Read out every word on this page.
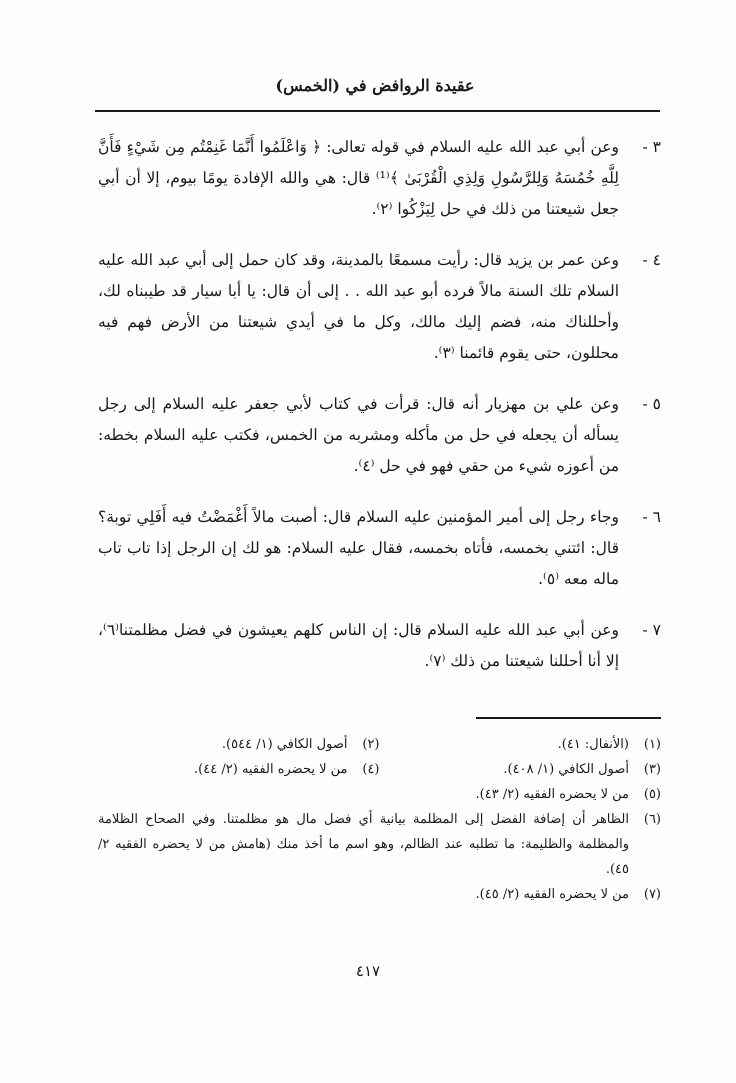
عقيدة الروافض في (الخمس)
٣ -

وعن أبي عبد الله عليه السلام في قوله تعالى: ﴿ وَاعْلَمُوا أَنَّمَا غَنِمْتُم مِن شَيْءٍ فَأَنَّ لِلَّهِ خُمُسَهُ وَلِلرَّسُولِ وَلِذِي الْقُرْبَىٰ ﴾⁽¹⁾ قال: هي والله الإفادة يومًا بيوم، إلا أن أبي جعل شيعتنا من ذلك في حل لِيَزْكُوا ⁽٢⁾.

٤ -

وعن عمر بن يزيد قال: رأيت مسمعًا بالمدينة، وقد كان حمل إلى أبي عبد الله عليه السلام تلك السنة مالاً فرده أبو عبد الله . . إلى أن قال: يا أبا سيار قد طيبناه لك، وأحللناك منه، فضم إليك مالك، وكل ما في أيدي شيعتنا من الأرض فهم فيه محللون، حتى يقوم قائمنا ⁽٣⁾.

٥ -

وعن علي بن مهزيار أنه قال: قرأت في كتاب لأبي جعفر عليه السلام إلى رجل يسأله أن يجعله في حل من مأكله ومشربه من الخمس، فكتب عليه السلام بخطه: من أعوزه شيء من حقي فهو في حل ⁽٤⁾.

٦ -

وجاء رجل إلى أمير المؤمنين عليه السلام قال: أصبت مالاً أَغْمَضْتُ فيه أَفَلِي توبة؟ قال: ائتني بخمسه، فأتاه بخمسه، فقال عليه السلام: هو لك إن الرجل إذا تاب تاب ماله معه ⁽٥⁾.

٧ -

وعن أبي عبد الله عليه السلام قال: إن الناس كلهم يعيشون في فضل مظلمتنا⁽٦⁾، إلا أنا أحللنا شيعتنا من ذلك ⁽٧⁾.

(١)
(الأنفال: ٤١).
(٢)
أصول الكافي (١/ ٥٤٤).
(٣)
أصول الكافي (١/ ٤٠٨).
(٤)
من لا يحضره الفقيه (٢/ ٤٤).
(٥)
من لا يحضره الفقيه (٢/ ٤٣).
(٦)
الظاهر أن إضافة الفضل إلى المظلمة بيانية أي فضل مال هو مظلمتنا. وفي الصحاح الظلامة والمظلمة والظليمة: ما تطلبه عند الظالم، وهو اسم ما أخذ منك (هامش من لا يحضره الفقيه ٢/ ٤٥).
(٧)
من لا يحضره الفقيه (٢/ ٤٥).
٤١٧
